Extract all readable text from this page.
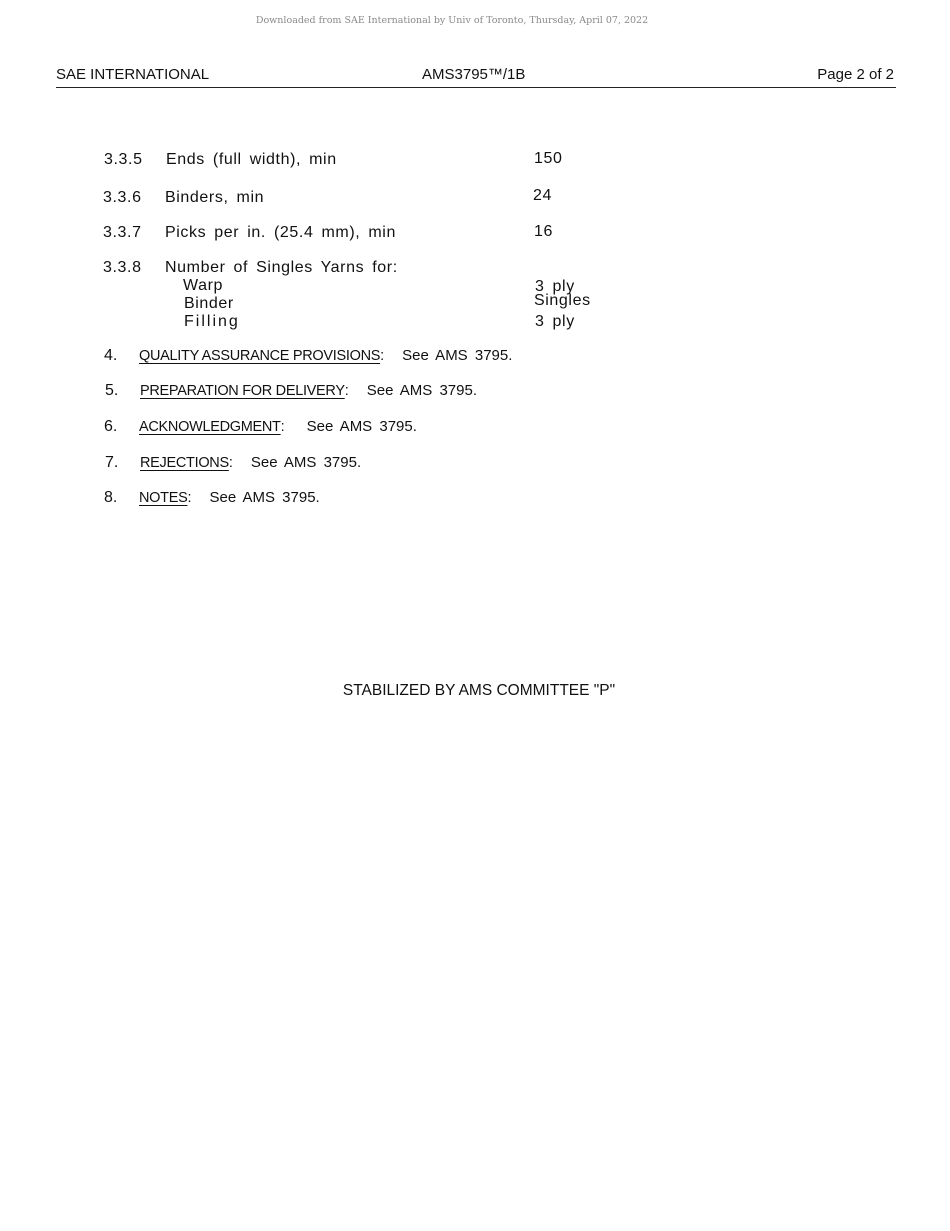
Downloaded from SAE International by Univ of Toronto, Thursday, April 07, 2022
SAE INTERNATIONAL	AMS3795™/1B	Page 2 of 2
3.3.5 Ends (full width), min	150
3.3.6 Binders, min	24
3.3.7 Picks per in. (25.4 mm), min	16
3.3.8 Number of Singles Yarns for:
Warp	3 ply
Binder	Singles
Filling	3 ply
4. QUALITY ASSURANCE PROVISIONS: See AMS 3795.
5. PREPARATION FOR DELIVERY: See AMS 3795.
6. ACKNOWLEDGMENT: See AMS 3795.
7. REJECTIONS: See AMS 3795.
8. NOTES: See AMS 3795.
STABILIZED BY AMS COMMITTEE "P"
